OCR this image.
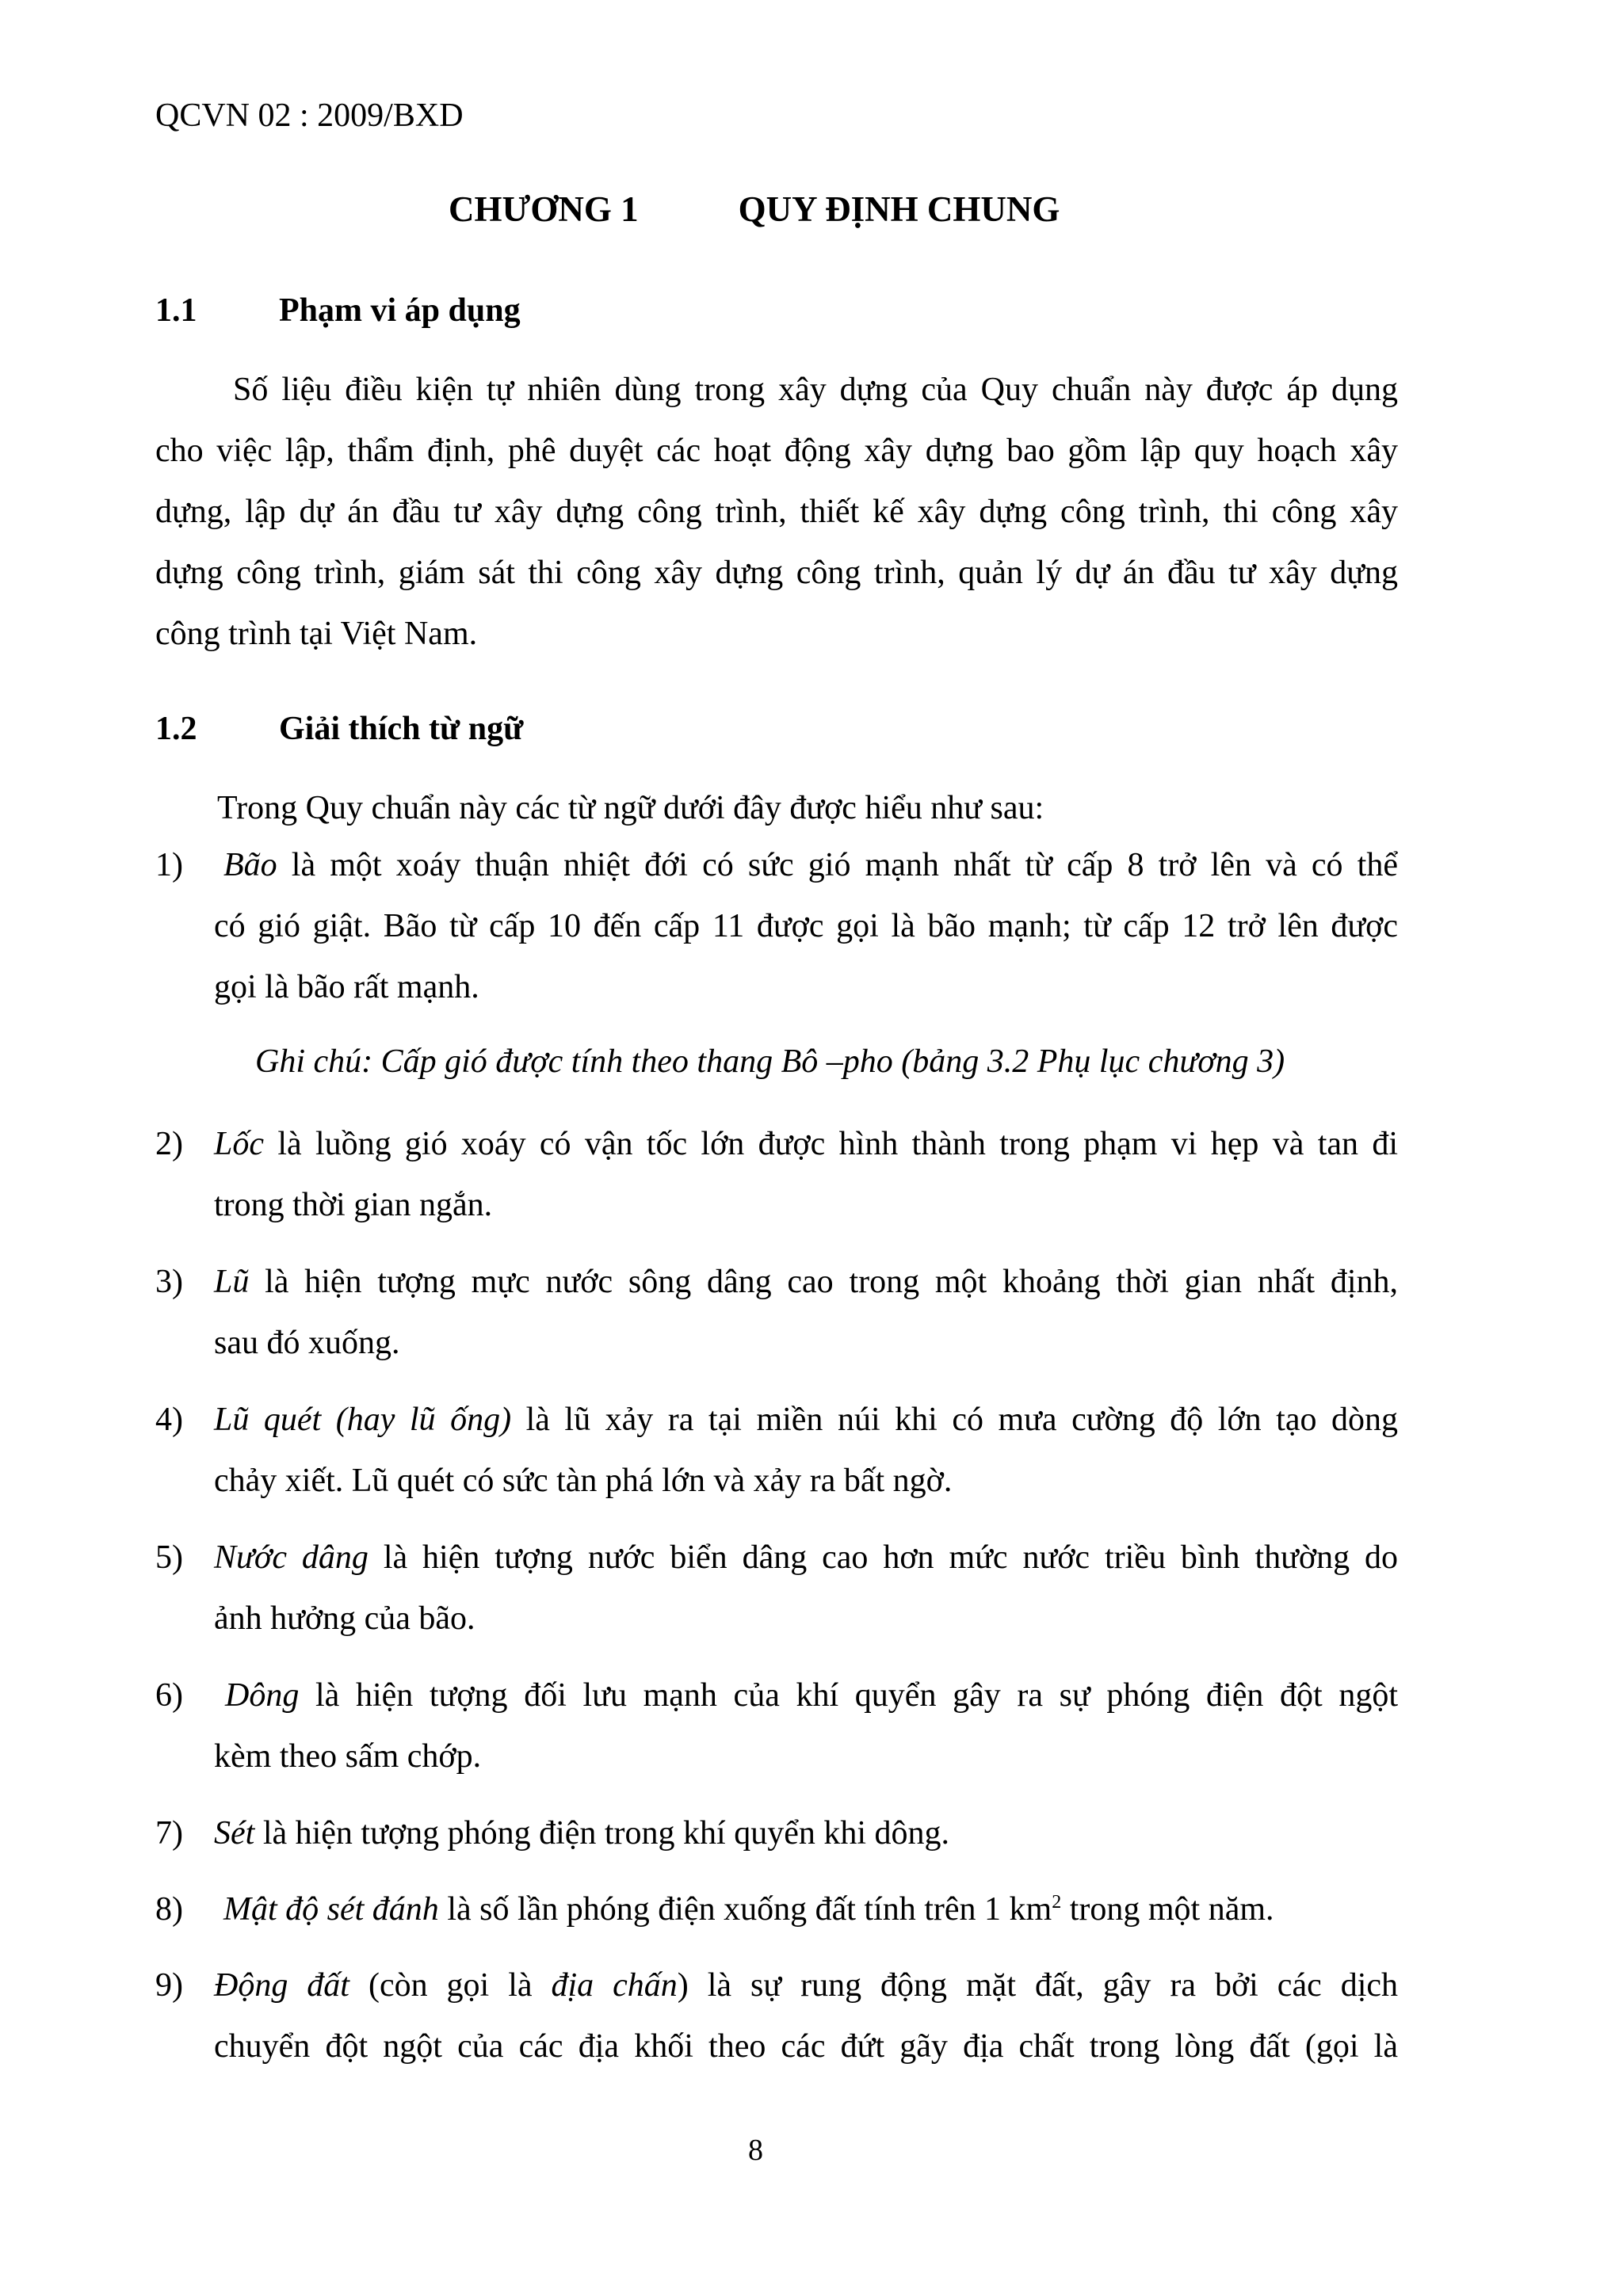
QCVN 02 : 2009/BXD
CHƯƠNG 1	QUY ĐỊNH CHUNG
1.1 Phạm vi áp dụng
Số liệu điều kiện tự nhiên dùng trong xây dựng của Quy chuẩn này được áp dụng
cho việc lập, thẩm định, phê duyệt các hoạt động xây dựng bao gồm lập quy hoạch xây
dựng, lập dự án đầu tư xây dựng công trình, thiết kế xây dựng công trình, thi công xây
dựng công trình, giám sát thi công xây dựng công trình, quản lý dự án đầu tư xây dựng
công trình tại Việt Nam.
1.2 Giải thích từ ngữ
Trong Quy chuẩn này các từ ngữ dưới đây được hiểu như sau:
1) Bão là một xoáy thuận nhiệt đới có sức gió mạnh nhất từ cấp 8 trở lên và có thể
có gió giật. Bão từ cấp 10 đến cấp 11 được gọi là bão mạnh; từ cấp 12 trở lên được
gọi là bão rất mạnh.
Ghi chú: Cấp gió được tính theo thang Bô –pho (bảng 3.2 Phụ lục chương 3)
2) Lốc là luồng gió xoáy có vận tốc lớn được hình thành trong phạm vi hẹp và tan đi
trong thời gian ngắn.
3) Lũ là hiện tượng mực nước sông dâng cao trong một khoảng thời gian nhất định,
sau đó xuống.
4) Lũ quét (hay lũ ống) là lũ xảy ra tại miền núi khi có mưa cường độ lớn tạo dòng
chảy xiết. Lũ quét có sức tàn phá lớn và xảy ra bất ngờ.
5) Nước dâng là hiện tượng nước biển dâng cao hơn mức nước triều bình thường do
ảnh hưởng của bão.
6)	Dông là hiện tượng đối lưu mạnh của khí quyển gây ra sự phóng điện đột ngột
kèm theo sấm chớp.
7) Sét là hiện tượng phóng điện trong khí quyển khi dông.
8) Mật độ sét đánh là số lần phóng điện xuống đất tính trên 1 $km^2$ trong một năm.
9) Động đất (còn gọi là địa chấn) là sự rung động mặt đất, gây ra bởi các dịch
chuyển đột ngột của các địa khối theo các đứt gãy địa chất trong lòng đất (gọi là
8
